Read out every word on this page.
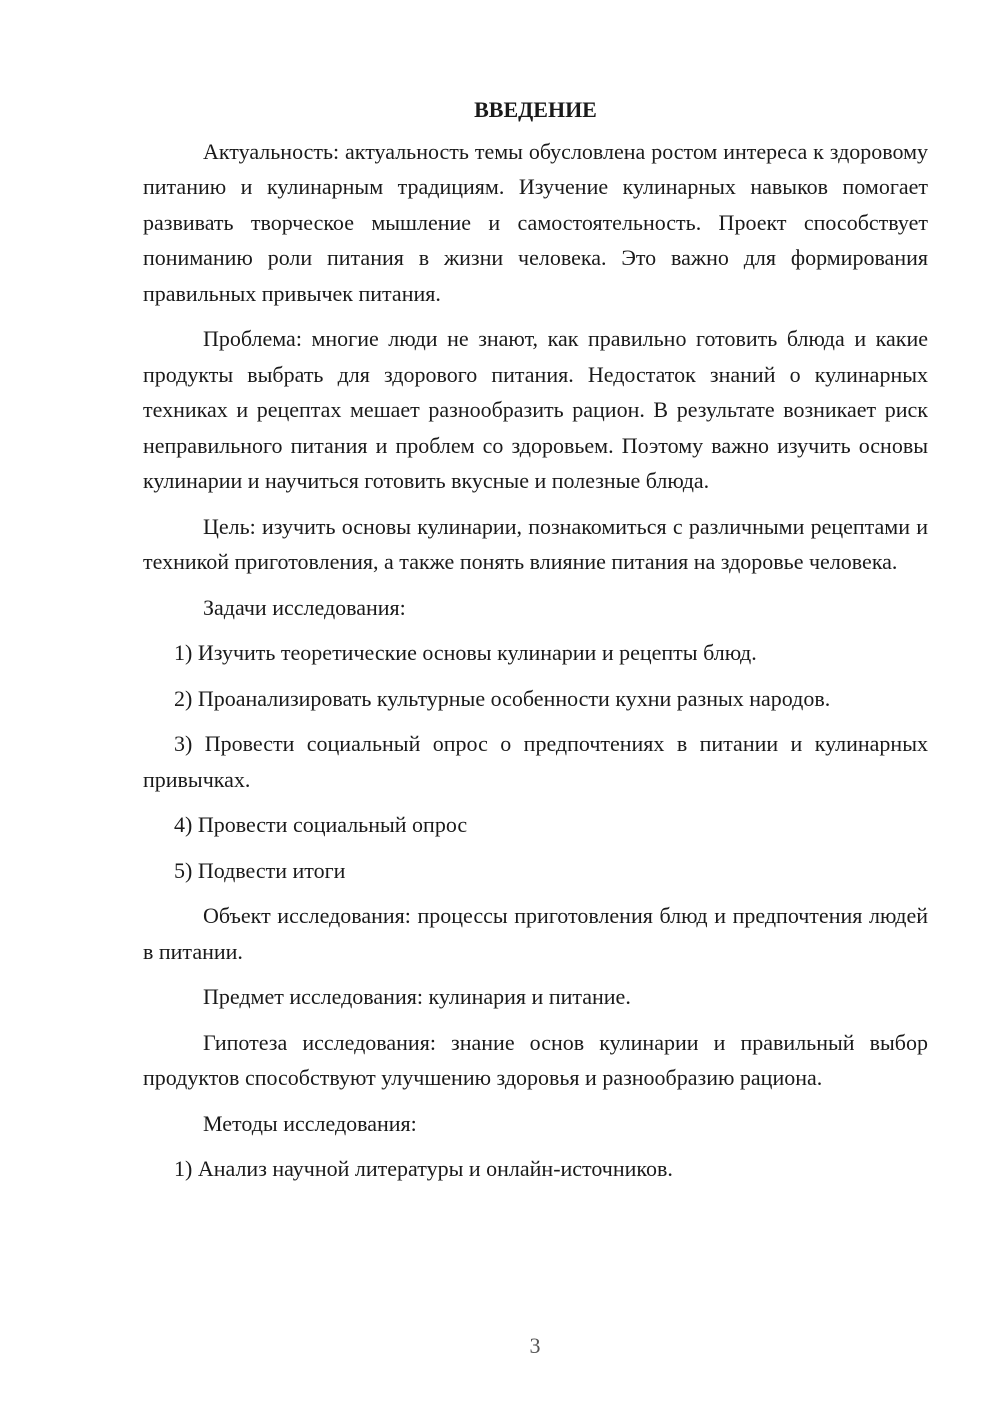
ВВЕДЕНИЕ

Актуальность: актуальность темы обусловлена ростом интереса к здоровому питанию и кулинарным традициям. Изучение кулинарных навыков помогает развивать творческое мышление и самостоятельность. Проект способствует пониманию роли питания в жизни человека. Это важно для формирования правильных привычек питания.

Проблема: многие люди не знают, как правильно готовить блюда и какие продукты выбрать для здорового питания. Недостаток знаний о кулинарных техниках и рецептах мешает разнообразить рацион. В результате возникает риск неправильного питания и проблем со здоровьем. Поэтому важно изучить основы кулинарии и научиться готовить вкусные и полезные блюда.

Цель: изучить основы кулинарии, познакомиться с различными рецептами и техникой приготовления, а также понять влияние питания на здоровье человека.

Задачи исследования:

1) Изучить теоретические основы кулинарии и рецепты блюд.

2) Проанализировать культурные особенности кухни разных народов.

3) Провести социальный опрос о предпочтениях в питании и кулинарных привычках.

4) Провести социальный опрос

5) Подвести итоги

Объект исследования: процессы приготовления блюд и предпочтения людей в питании.

Предмет исследования: кулинария и питание.

Гипотеза исследования: знание основ кулинарии и правильный выбор продуктов способствуют улучшению здоровья и разнообразию рациона.

Методы исследования:

1) Анализ научной литературы и онлайн-источников.

3
